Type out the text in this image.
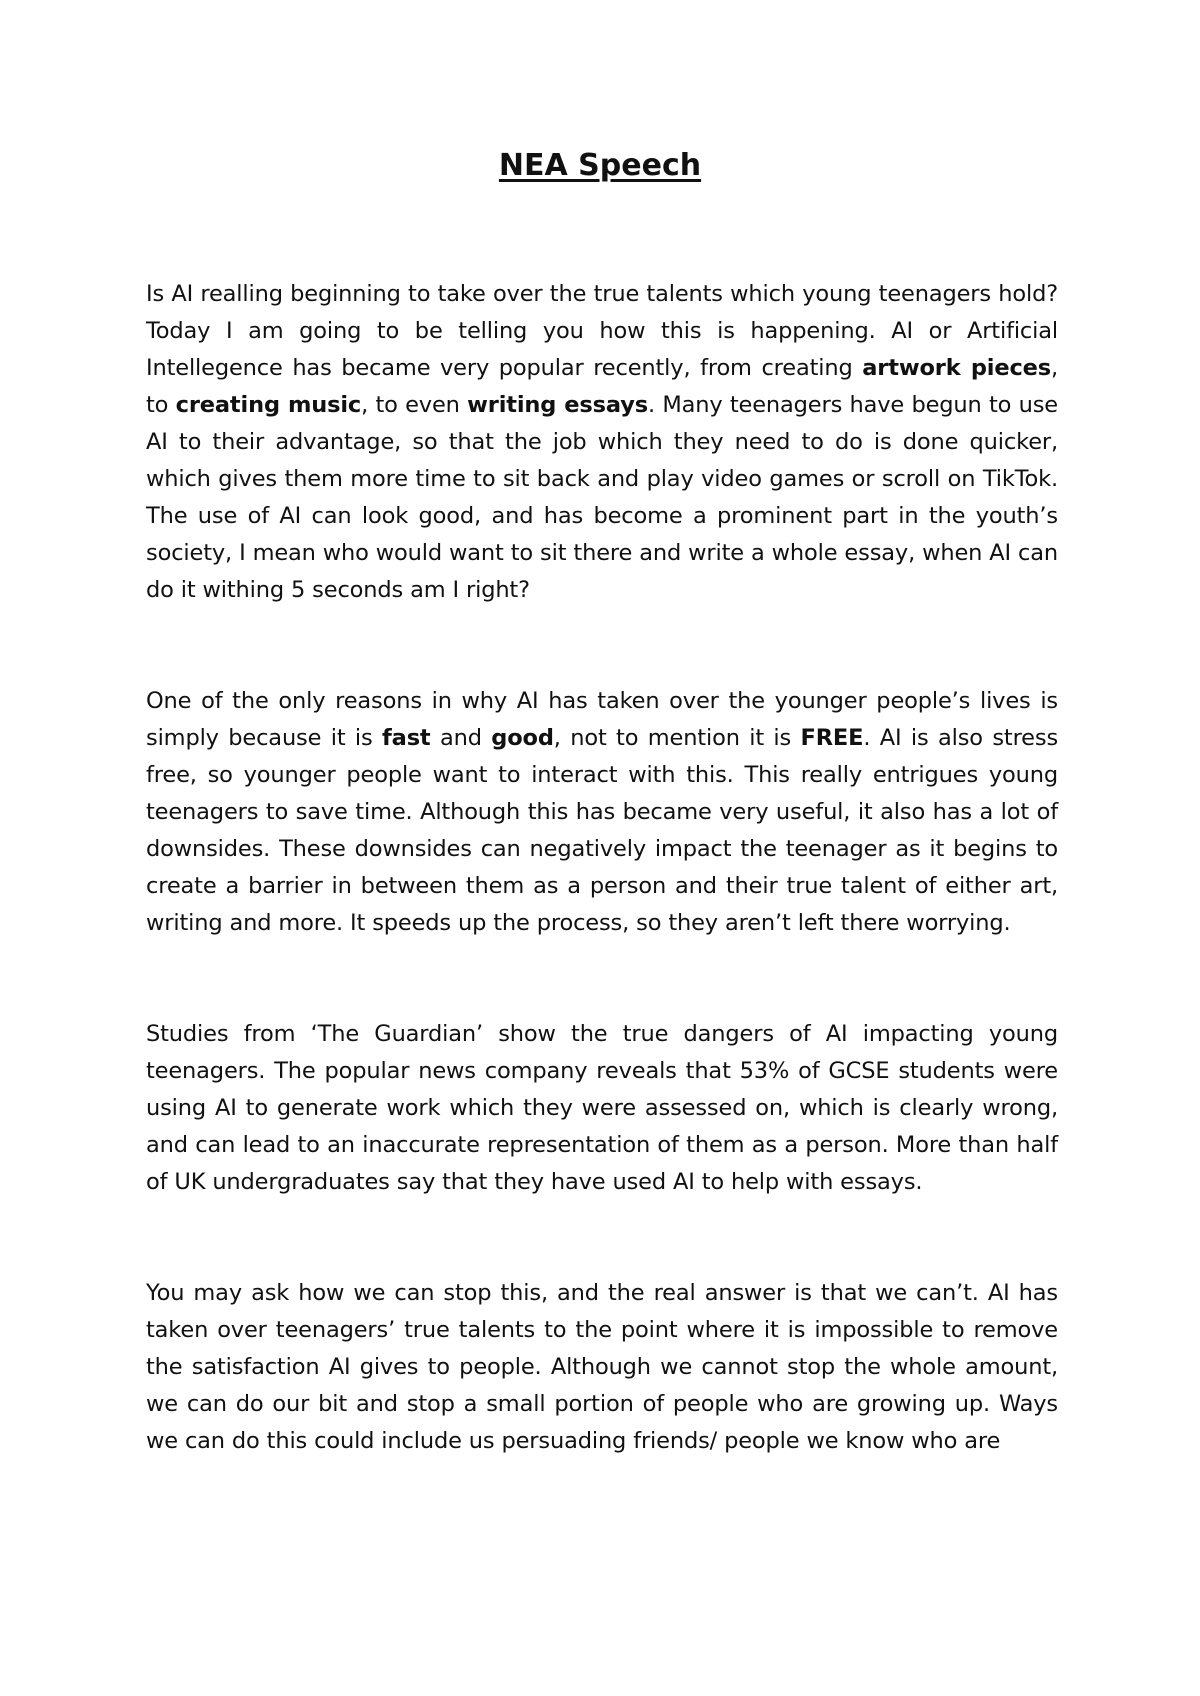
NEA Speech

Is AI realling beginning to take over the true talents which young teenagers hold? Today I am going to be telling you how this is happening. AI or Artificial Intellegence has became very popular recently, from creating artwork pieces, to creating music, to even writing essays. Many teenagers have begun to use AI to their advantage, so that the job which they need to do is done quicker, which gives them more time to sit back and play video games or scroll on TikTok. The use of AI can look good, and has become a prominent part in the youth’s society, I mean who would want to sit there and write a whole essay, when AI can do it withing 5 seconds am I right?

One of the only reasons in why AI has taken over the younger people’s lives is simply because it is fast and good, not to mention it is FREE. AI is also stress free, so younger people want to interact with this. This really entrigues young teenagers to save time. Although this has became very useful, it also has a lot of downsides. These downsides can negatively impact the teenager as it begins to create a barrier in between them as a person and their true talent of either art, writing and more. It speeds up the process, so they aren’t left there worrying.

Studies from ‘The Guardian’ show the true dangers of AI impacting young teenagers. The popular news company reveals that 53% of GCSE students were using AI to generate work which they were assessed on, which is clearly wrong, and can lead to an inaccurate representation of them as a person. More than half of UK undergraduates say that they have used AI to help with essays.

You may ask how we can stop this, and the real answer is that we can’t. AI has taken over teenagers’ true talents to the point where it is impossible to remove the satisfaction AI gives to people. Although we cannot stop the whole amount, we can do our bit and stop a small portion of people who are growing up. Ways we can do this could include us persuading friends/ people we know who are
